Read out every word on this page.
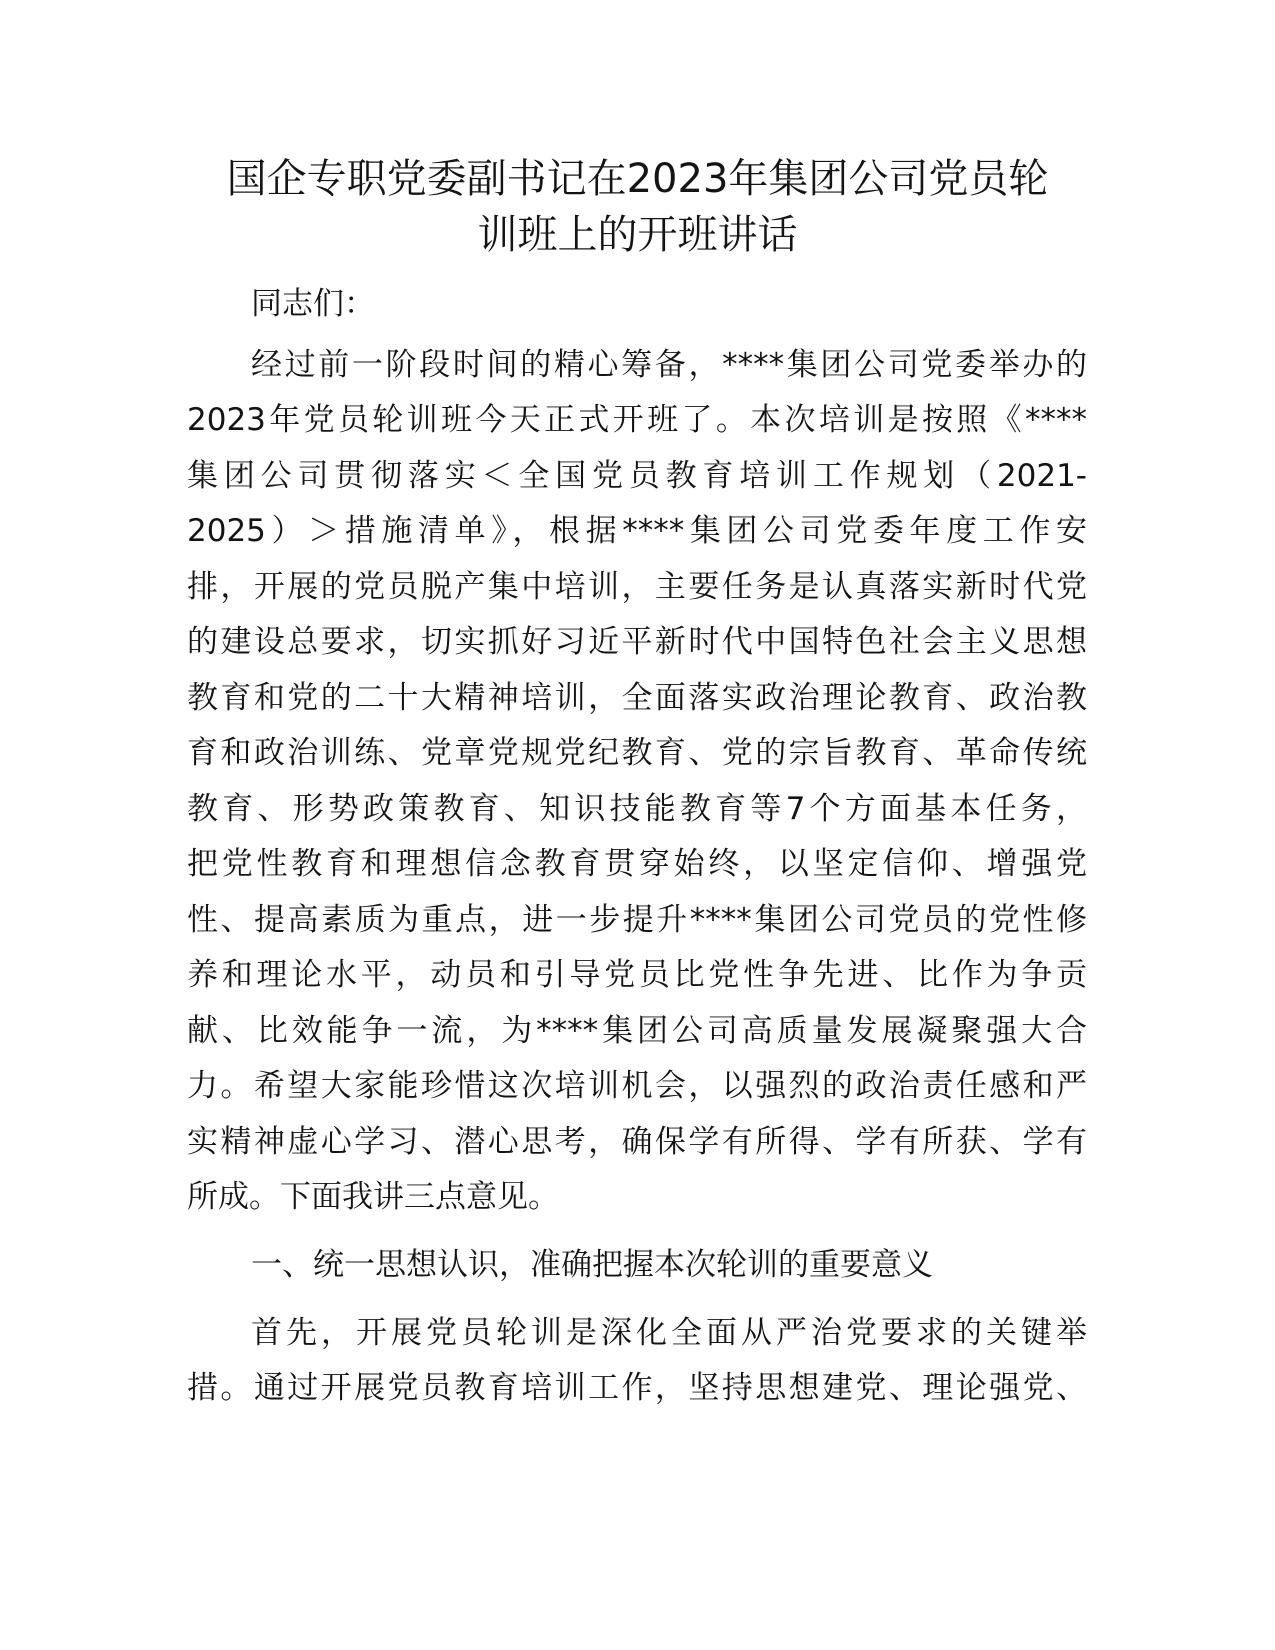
国企专职党委副书记在2023年集团公司党员轮
训班上的开班讲话

同志们：

经过前一阶段时间的精心筹备，****集团公司党委举办的

2023年党员轮训班今天正式开班了。本次培训是按照《****

集团公司贯彻落实＜全国党员教育培训工作规划（2021-

2025）＞措施清单》，根据****集团公司党委年度工作安

排，开展的党员脱产集中培训，主要任务是认真落实新时代党

的建设总要求，切实抓好习近平新时代中国特色社会主义思想

教育和党的二十大精神培训，全面落实政治理论教育、政治教

育和政治训练、党章党规党纪教育、党的宗旨教育、革命传统

教育、形势政策教育、知识技能教育等7个方面基本任务，

把党性教育和理想信念教育贯穿始终，以坚定信仰、增强党

性、提高素质为重点，进一步提升****集团公司党员的党性修

养和理论水平，动员和引导党员比党性争先进、比作为争贡

献、比效能争一流，为****集团公司高质量发展凝聚强大合

力。希望大家能珍惜这次培训机会，以强烈的政治责任感和严

实精神虚心学习、潜心思考，确保学有所得、学有所获、学有

所成。下面我讲三点意见。

一、统一思想认识，准确把握本次轮训的重要意义

首先，开展党员轮训是深化全面从严治党要求的关键举

措。通过开展党员教育培训工作，坚持思想建党、理论强党、
